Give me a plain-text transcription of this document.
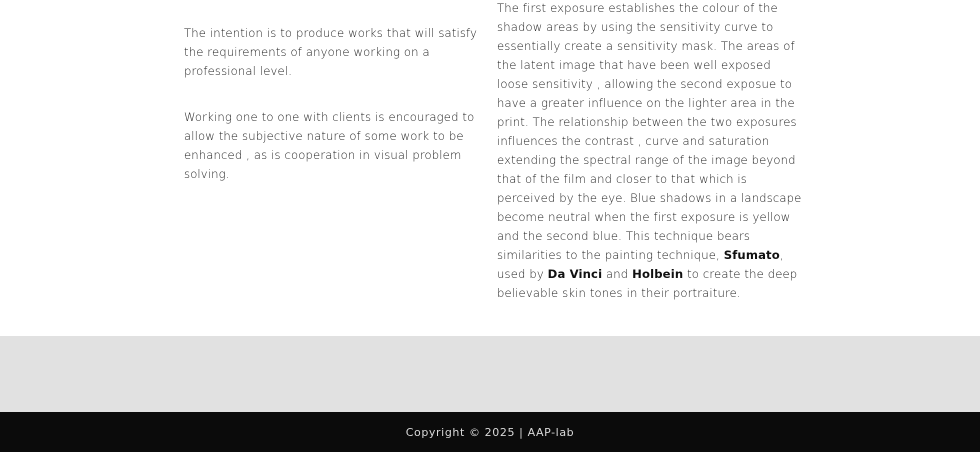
The intention is to produce works that will satisfy the requirements of anyone working on a professional level.

Working one to one with clients is encouraged to allow the subjective nature of some work to be enhanced , as is cooperation in visual problem solving.

The first exposure establishes the colour of the shadow areas by using the sensitivity curve to essentially create a sensitivity mask. The areas of the latent image that have been well exposed loose sensitivity , allowing the second exposue to have a greater influence on the lighter area in the print. The relationship between the two exposures influences the contrast , curve and saturation extending the spectral range of the image beyond that of the film and closer to that which is perceived by the eye. Blue shadows in a landscape become neutral when the first exposure is yellow and the second blue. This technique bears similarities to the painting technique, Sfumato, used by Da Vinci and Holbein to create the deep believable skin tones in their portraiture.

Copyright © 2025 | AAP-lab
